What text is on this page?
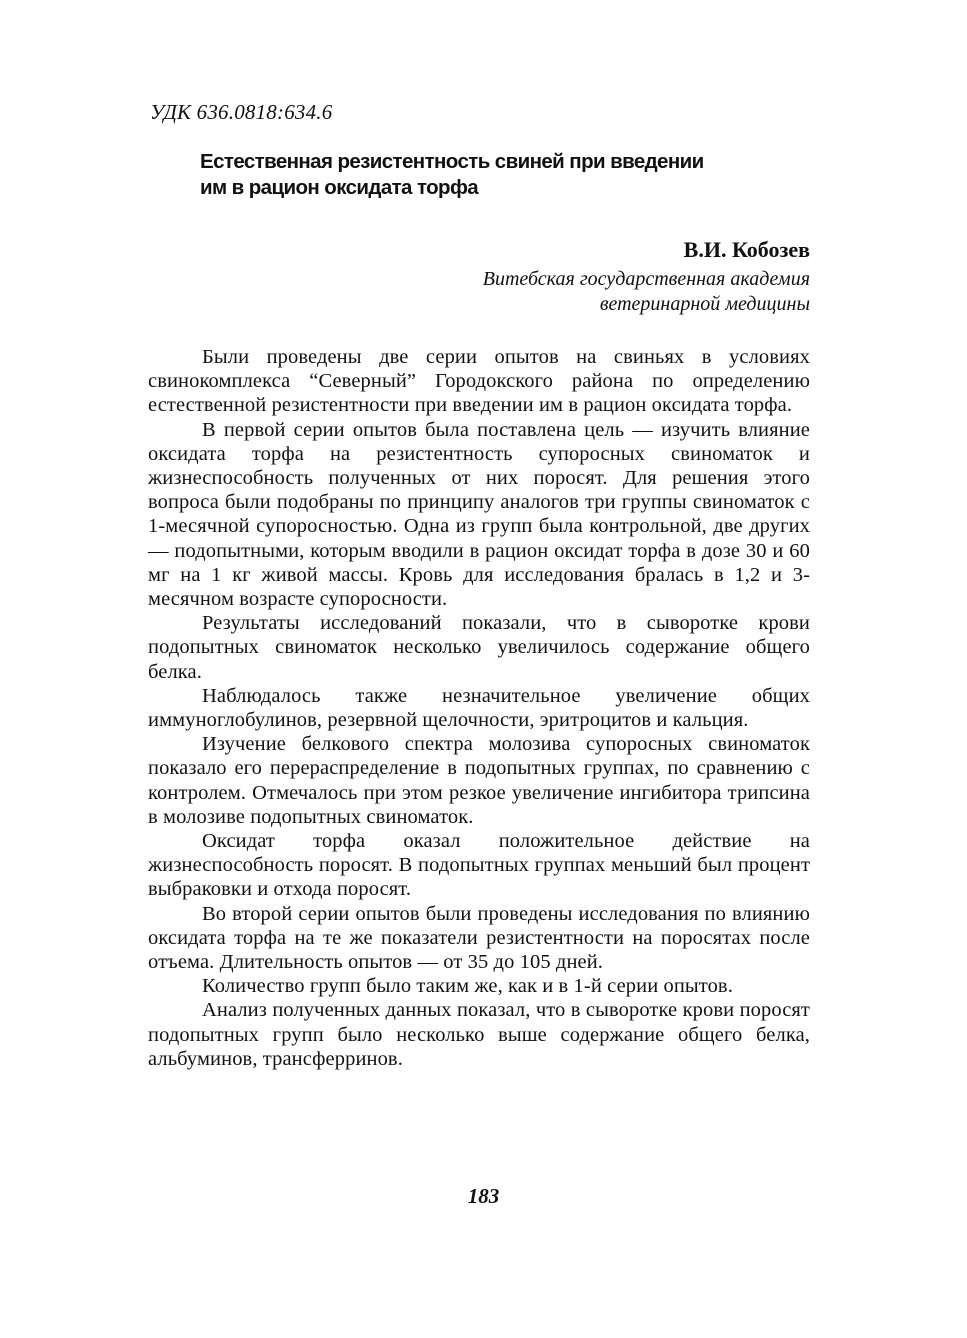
УДК 636.0818:634.6
Естественная резистентность свиней при введении
им в рацион оксидата торфа
В.И. Кобозев
Витебская государственная академия
ветеринарной медицины

Были проведены две серии опытов на свиньях в условиях свинокомплекса “Северный” Городокского района по определению естественной резистентности при введении им в рацион оксидата торфа.

В первой серии опытов была поставлена цель — изучить влияние оксидата торфа на резистентность супоросных свиноматок и жизнеспособность полученных от них поросят. Для решения этого вопроса были подобраны по принципу аналогов три группы свиноматок с 1-месячной супоросностью. Одна из групп была контрольной, две других — подопытными, которым вводили в рацион оксидат торфа в дозе 30 и 60 мг на 1 кг живой массы. Кровь для исследования бралась в 1,2 и 3-месячном возрасте супоросности.

Результаты исследований показали, что в сыворотке крови подопытных свиноматок несколько увеличилось содержание общего белка.

Наблюдалось также незначительное увеличение общих иммуноглобулинов, резервной щелочности, эритроцитов и кальция.

Изучение белкового спектра молозива супоросных свиноматок показало его перераспределение в подопытных группах, по сравнению с контролем. Отмечалось при этом резкое увеличение ингибитора трипсина в молозиве подопытных свиноматок.

Оксидат торфа оказал положительное действие на жизнеспособность поросят. В подопытных группах меньший был процент выбраковки и отхода поросят.

Во второй серии опытов были проведены исследования по влиянию оксидата торфа на те же показатели резистентности на поросятах после отъема. Длительность опытов — от 35 до 105 дней.

Количество групп было таким же, как и в 1-й серии опытов.

Анализ полученных данных показал, что в сыворотке крови поросят подопытных групп было несколько выше содержание общего белка, альбуминов, трансферринов.

183
